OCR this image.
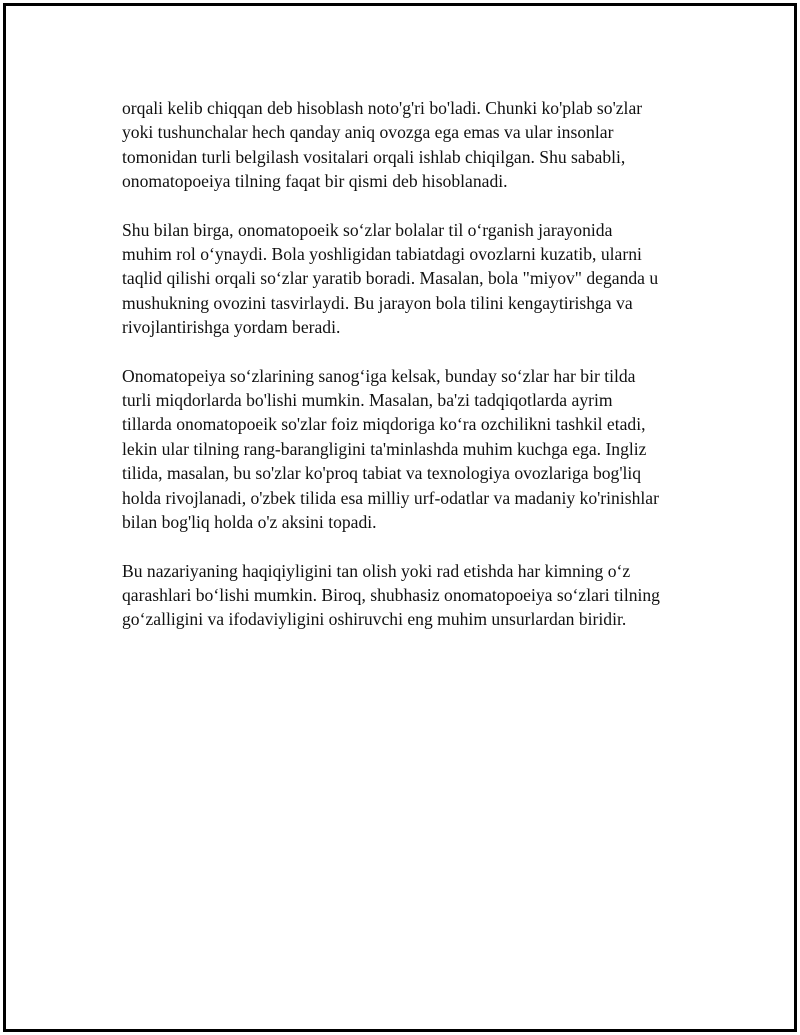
orqali kelib chiqqan deb hisoblash noto'g'ri bo'ladi. Chunki ko'plab so'zlar
yoki tushunchalar hech qanday aniq ovozga ega emas va ular insonlar
tomonidan turli belgilash vositalari orqali ishlab chiqilgan. Shu sababli,
onomatopoeiya tilning faqat bir qismi deb hisoblanadi.

Shu bilan birga, onomatopoeik so‘zlar bolalar til o‘rganish jarayonida
muhim rol o‘ynaydi. Bola yoshligidan tabiatdagi ovozlarni kuzatib, ularni
taqlid qilishi orqali so‘zlar yaratib boradi. Masalan, bola "miyov" deganda u
mushukning ovozini tasvirlaydi. Bu jarayon bola tilini kengaytirishga va
rivojlantirishga yordam beradi.

Onomatopeiya so‘zlarining sanog‘iga kelsak, bunday so‘zlar har bir tilda
turli miqdorlarda bo'lishi mumkin. Masalan, ba'zi tadqiqotlarda ayrim
tillarda onomatopoeik so'zlar foiz miqdoriga ko‘ra ozchilikni tashkil etadi,
lekin ular tilning rang-barangligini ta'minlashda muhim kuchga ega. Ingliz
tilida, masalan, bu so'zlar ko'proq tabiat va texnologiya ovozlariga bog'liq
holda rivojlanadi, o'zbek tilida esa milliy urf-odatlar va madaniy ko'rinishlar
bilan bog'liq holda o'z aksini topadi.

Bu nazariyaning haqiqiyligini tan olish yoki rad etishda har kimning o‘z
qarashlari bo‘lishi mumkin. Biroq, shubhasiz onomatopoeiya so‘zlari tilning
go‘zalligini va ifodaviyligini oshiruvchi eng muhim unsurlardan biridir.
